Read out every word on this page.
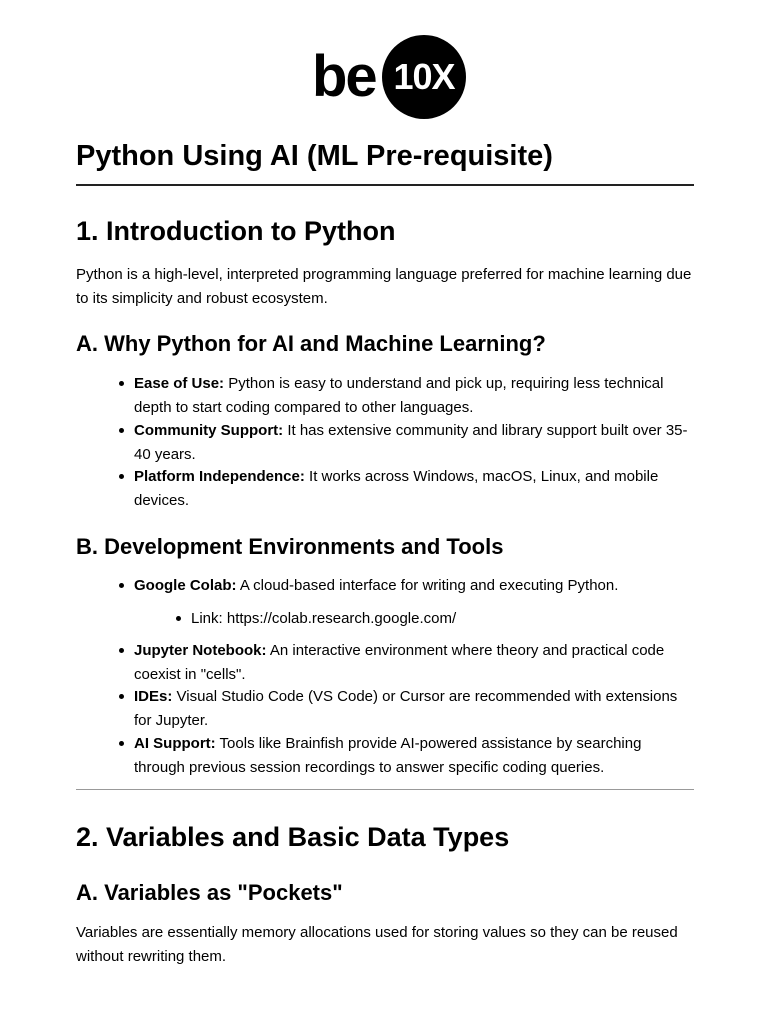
be 10X
Python Using AI (ML Pre-requisite)
1. Introduction to Python

Python is a high-level, interpreted programming language preferred for machine learning due to its simplicity and robust ecosystem.

A. Why Python for AI and Machine Learning?

Ease of Use: Python is easy to understand and pick up, requiring less technical depth to start coding compared to other languages.

Community Support: It has extensive community and library support built over 35-40 years.

Platform Independence: It works across Windows, macOS, Linux, and mobile devices.

B. Development Environments and Tools

Google Colab: A cloud-based interface for writing and executing Python.

Link: https://colab.research.google.com/

Jupyter Notebook: An interactive environment where theory and practical code coexist in "cells".

IDEs: Visual Studio Code (VS Code) or Cursor are recommended with extensions for Jupyter.

AI Support: Tools like Brainfish provide AI-powered assistance by searching through previous session recordings to answer specific coding queries.

2. Variables and Basic Data Types
A. Variables as "Pockets"

Variables are essentially memory allocations used for storing values so they can be reused without rewriting them.
